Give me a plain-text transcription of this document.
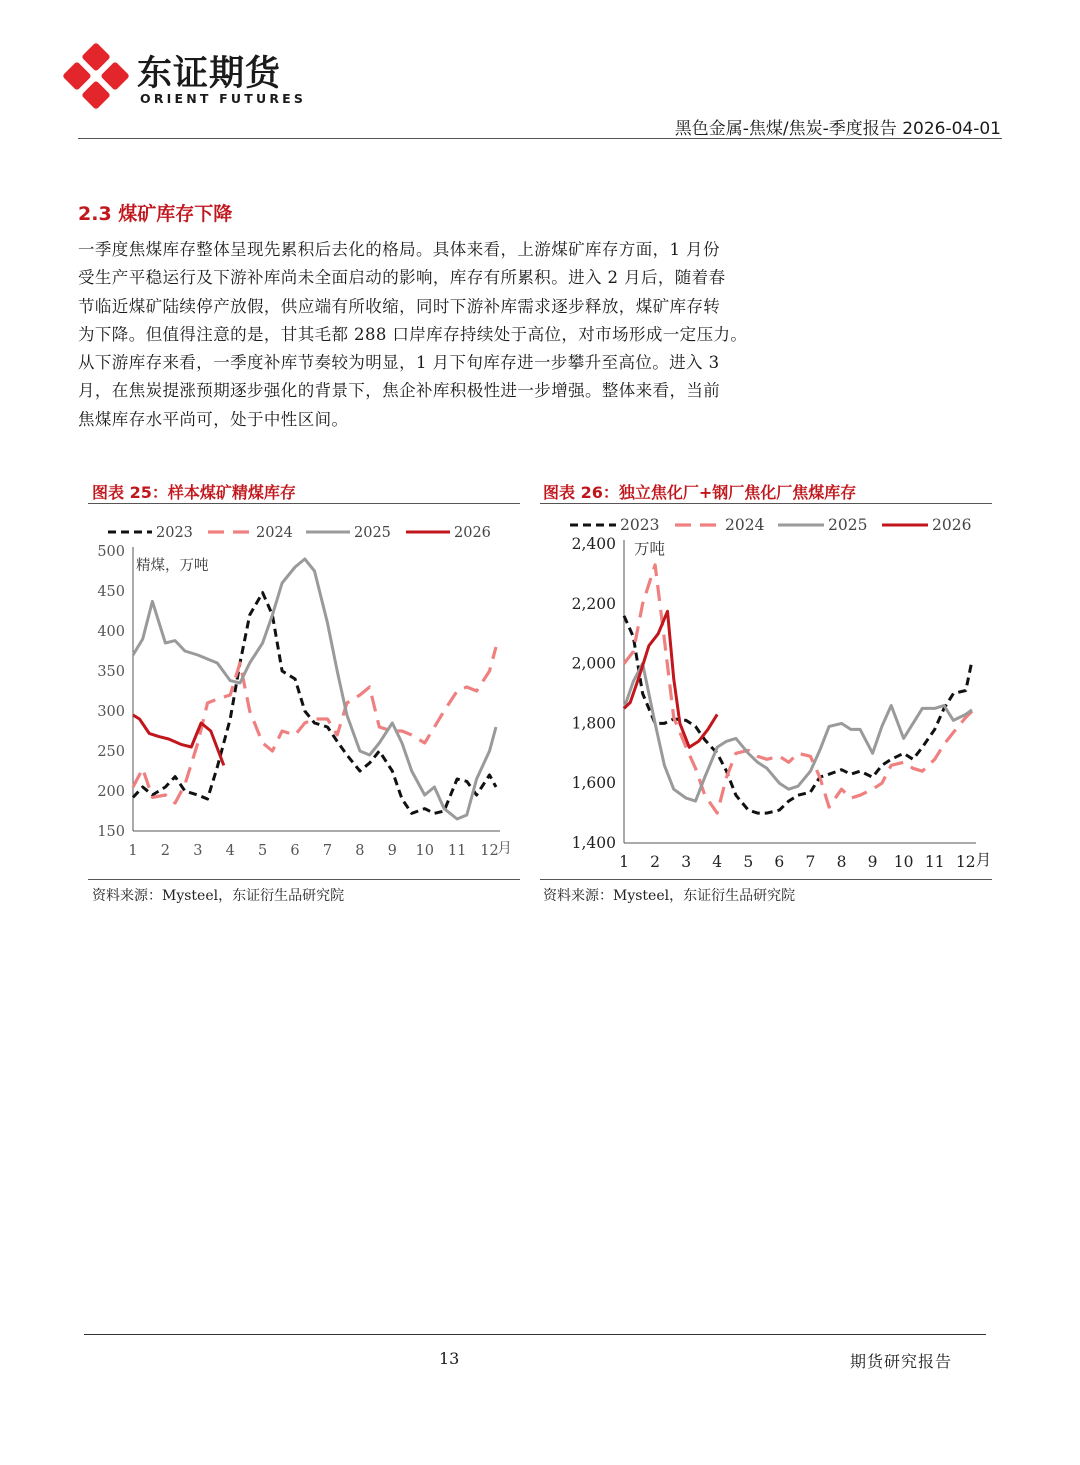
东证期货
ORIENT FUTURES
黑色金属-焦煤/焦炭-季度报告 2026-04-01
2.3 煤矿库存下降

一季度焦煤库存整体呈现先累积后去化的格局。具体来看，上游煤矿库存方面，1 月份

受生产平稳运行及下游补库尚未全面启动的影响，库存有所累积。进入 2 月后，随着春

节临近煤矿陆续停产放假，供应端有所收缩，同时下游补库需求逐步释放，煤矿库存转

为下降。但值得注意的是，甘其毛都 288 口岸库存持续处于高位，对市场形成一定压力。

从下游库存来看，一季度补库节奏较为明显，1 月下旬库存进一步攀升至高位。进入 3

月，在焦炭提涨预期逐步强化的背景下，焦企补库积极性进一步增强。整体来看，当前

焦煤库存水平尚可，处于中性区间。

图表 25：样本煤矿精煤库存
150
200
250
300
350
400
450
500
1 2 3 4 5 6 7 8 9 10 11 12
月
精煤，万吨
2023	2024	2025	2026
资料来源：Mysteel，东证衍生品研究院
图表 26：独立焦化厂+钢厂焦化厂焦煤库存
1,400
1,600
1,800
2,000
2,200
2,400
1 2 3 4 5 6 7 8 9 10 11 12 月
万吨
2023	2024	2025	2026
资料来源：Mysteel，东证衍生品研究院
13	期货研究报告
